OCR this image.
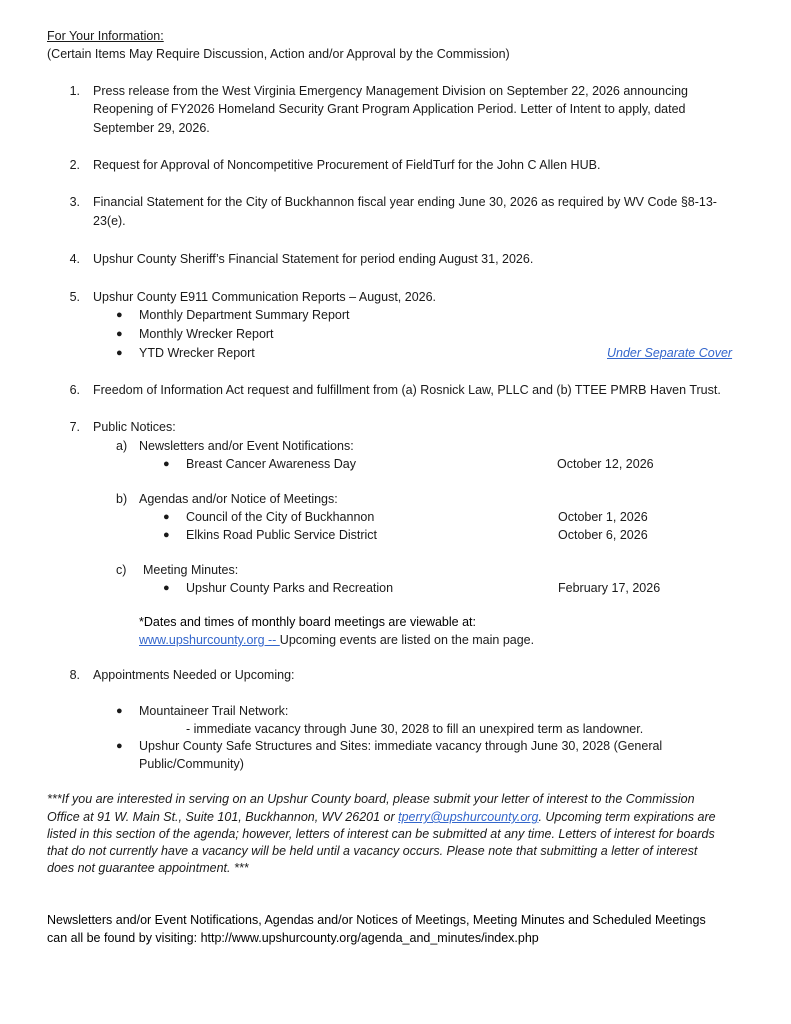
For Your Information:
(Certain Items May Require Discussion, Action and/or Approval by the Commission)
1. Press release from the West Virginia Emergency Management Division on September 22, 2026 announcing
Reopening of FY2026 Homeland Security Grant Program Application Period. Letter of Intent to apply, dated
September 29, 2026.
2. Request for Approval of Noncompetitive Procurement of FieldTurf for the John C Allen HUB.
3. Financial Statement for the City of Buckhannon fiscal year ending June 30, 2026 as required by WV Code §8-13-
23(e).
4. Upshur County Sheriff’s Financial Statement for period ending August 31, 2026.
5. Upshur County E911 Communication Reports – August, 2026.
● Monthly Department Summary Report
● Monthly Wrecker Report
● YTD Wrecker Report	Under Separate Cover
6. Freedom of Information Act request and fulfillment from (a) Rosnick Law, PLLC and (b) TTEE PMRB Haven Trust.
7. Public Notices:
a) Newsletters and/or Event Notifications:
● Breast Cancer Awareness Day	October 12, 2026
b) Agendas and/or Notice of Meetings:
● Council of the City of Buckhannon	October 1, 2026
● Elkins Road Public Service District	October 6, 2026
c) Meeting Minutes:
● Upshur County Parks and Recreation	February 17, 2026
*Dates and times of monthly board meetings are viewable at:
www.upshurcounty.org -- Upcoming events are listed on the main page.
8. Appointments Needed or Upcoming:
● Mountaineer Trail Network:
- immediate vacancy through June 30, 2028 to fill an unexpired term as landowner.
● Upshur County Safe Structures and Sites: immediate vacancy through June 30, 2028 (General
Public/Community)
***If you are interested in serving on an Upshur County board, please submit your letter of interest to the Commission
Office at 91 W. Main St., Suite 101, Buckhannon, WV 26201 or tperry@upshurcounty.org. Upcoming term expirations are
listed in this section of the agenda; however, letters of interest can be submitted at any time. Letters of interest for boards
that do not currently have a vacancy will be held until a vacancy occurs. Please note that submitting a letter of interest
does not guarantee appointment. ***
Newsletters and/or Event Notifications, Agendas and/or Notices of Meetings, Meeting Minutes and Scheduled Meetings
can all be found by visiting: http://www.upshurcounty.org/agenda_and_minutes/index.php
